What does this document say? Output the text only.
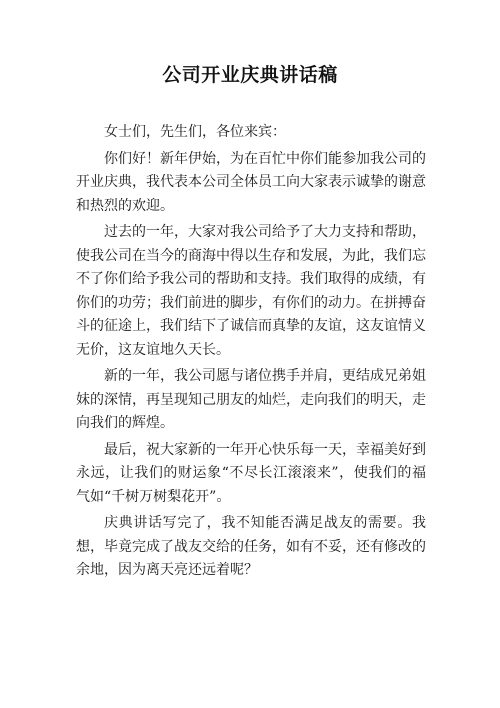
公司开业庆典讲话稿

女士们，先生们，各位来宾：

你们好！新年伊始，为在百忙中你们能参加我公司的开业庆典，我代表本公司全体员工向大家表示诚挚的谢意和热烈的欢迎。

过去的一年，大家对我公司给予了大力支持和帮助，使我公司在当今的商海中得以生存和发展，为此，我们忘不了你们给予我公司的帮助和支持。我们取得的成绩，有你们的功劳；我们前进的脚步，有你们的动力。在拼搏奋斗的征途上，我们结下了诚信而真挚的友谊，这友谊情义无价，这友谊地久天长。

新的一年，我公司愿与诸位携手并肩，更结成兄弟姐妹的深情，再呈现知己朋友的灿烂，走向我们的明天，走向我们的辉煌。

最后，祝大家新的一年开心快乐每一天，幸福美好到永远，让我们的财运象“不尽长江滚滚来”，使我们的福气如“千树万树梨花开”。

庆典讲话写完了，我不知能否满足战友的需要。我想，毕竟完成了战友交给的任务，如有不妥，还有修改的余地，因为离天亮还远着呢？
